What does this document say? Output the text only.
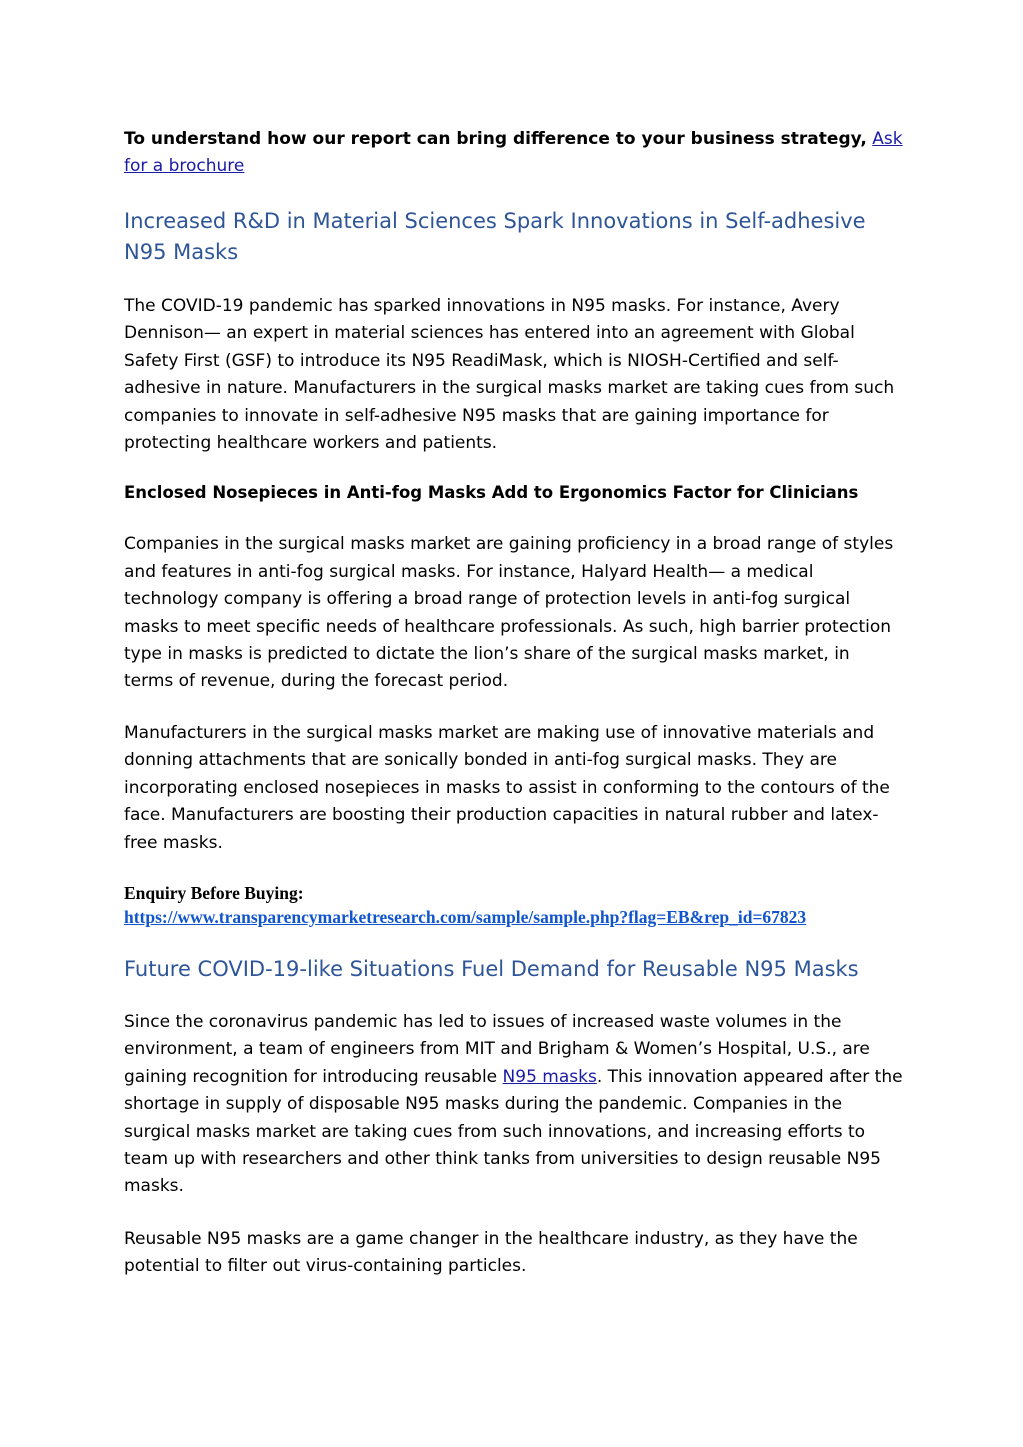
To understand how our report can bring difference to your business strategy, Ask for a brochure

Increased R&D in Material Sciences Spark Innovations in Self-adhesive N95 Masks

The COVID-19 pandemic has sparked innovations in N95 masks. For instance, Avery Dennison— an expert in material sciences has entered into an agreement with Global Safety First (GSF) to introduce its N95 ReadiMask, which is NIOSH-Certified and self-adhesive in nature. Manufacturers in the surgical masks market are taking cues from such companies to innovate in self-adhesive N95 masks that are gaining importance for protecting healthcare workers and patients.

Enclosed Nosepieces in Anti-fog Masks Add to Ergonomics Factor for Clinicians

Companies in the surgical masks market are gaining proficiency in a broad range of styles and features in anti-fog surgical masks. For instance, Halyard Health— a medical technology company is offering a broad range of protection levels in anti-fog surgical masks to meet specific needs of healthcare professionals. As such, high barrier protection type in masks is predicted to dictate the lion’s share of the surgical masks market, in terms of revenue, during the forecast period.

Manufacturers in the surgical masks market are making use of innovative materials and donning attachments that are sonically bonded in anti-fog surgical masks. They are incorporating enclosed nosepieces in masks to assist in conforming to the contours of the face. Manufacturers are boosting their production capacities in natural rubber and latex-free masks.

Enquiry Before Buying:

https://www.transparencymarketresearch.com/sample/sample.php?flag=EB&rep_id=67823
Future COVID-19-like Situations Fuel Demand for Reusable N95 Masks

Since the coronavirus pandemic has led to issues of increased waste volumes in the environment, a team of engineers from MIT and Brigham & Women’s Hospital, U.S., are gaining recognition for introducing reusable N95 masks. This innovation appeared after the shortage in supply of disposable N95 masks during the pandemic. Companies in the surgical masks market are taking cues from such innovations, and increasing efforts to team up with researchers and other think tanks from universities to design reusable N95 masks.

Reusable N95 masks are a game changer in the healthcare industry, as they have the potential to filter out virus-containing particles.
